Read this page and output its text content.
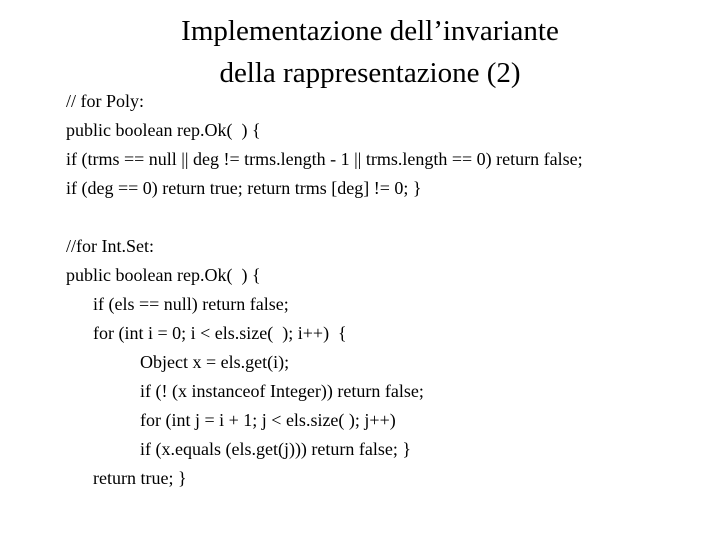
Implementazione dell’invariante
della rappresentazione (2)
// for Poly:
public boolean rep.Ok(  ) {
if (trms == null || deg != trms.length - 1 || trms.length == 0) return false;
if (deg == 0) return true; return trms [deg] != 0; }
//for Int.Set:
public boolean rep.Ok(  ) {
if (els == null) return false;
for (int i = 0; i < els.size(  ); i++)  {
Object x = els.get(i);
if (! (x instanceof Integer)) return false;
for (int j = i + 1; j < els.size( ); j++)
if (x.equals (els.get(j))) return false; }
return true; }
